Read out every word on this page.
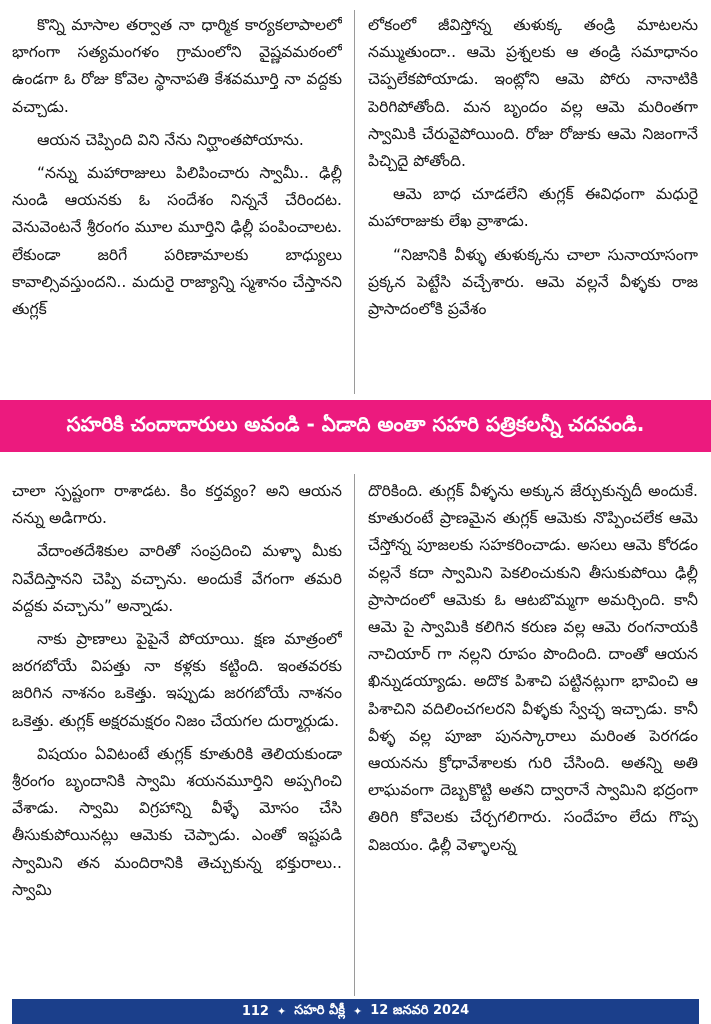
కొన్ని మాసాల తర్వాత నా ధార్మిక కార్యకలాపాలలో భాగంగా సత్యమంగళం గ్రామంలోని వైష్ణవమఠంలో ఉండగా ఓ రోజు కోవెల స్థానాపతి కేశవమూర్తి నా వద్దకు వచ్చాడు.

ఆయన చెప్పింది విని నేను నిర్ఘాంతపోయాను.

“నన్ను మహారాజులు పిలిపించారు స్వామీ.. ఢిల్లీ నుండి ఆయనకు ఓ సందేశం నిన్ననే చేరిందట. వెనువెంటనే శ్రీరంగం మూల మూర్తిని ఢిల్లీ పంపించాలట. లేకుండా జరిగే పరిణామాలకు బాధ్యులు కావాల్సివస్తుందని.. మదురై రాజ్యాన్ని స్మశానం చేస్తానని తుగ్లక్

లోకంలో జీవిస్తోన్న తుళుక్క తండ్రి మాటలను నమ్ముతుందా.. ఆమె ప్రశ్నలకు ఆ తండ్రి సమాధానం చెప్పలేకపోయాడు. ఇంట్లోని ఆమె పోరు నానాటికి పెరిగిపోతోంది. మన బృందం వల్ల ఆమె మరింతగా స్వామికి చేరువైపోయింది. రోజు రోజుకు ఆమె నిజంగానే పిచ్చిదై పోతోంది.

ఆమె బాధ చూడలేని తుగ్లక్ ఈవిధంగా మధురై మహారాజుకు లేఖ వ్రాశాడు.

“నిజానికి వీళ్ళు తుళుక్కను చాలా సునాయాసంగా ప్రక్కన పెట్టేసి వచ్చేశారు. ఆమె వల్లనే వీళ్ళకు రాజ ప్రాసాదంలోకి ప్రవేశం

సహరికి చందాదారులు అవండి - ఏడాది అంతా సహరి పత్రికలన్నీ చదవండి.

చాలా స్పష్టంగా రాశాడట. కిం కర్తవ్యం? అని ఆయన నన్ను అడిగారు.

వేదాంతదేశికుల వారితో సంప్రదించి మళ్ళా మీకు నివేదిస్తానని చెప్పి వచ్చాను. అందుకే వేగంగా తమరి వద్దకు వచ్చాను” అన్నాడు.

నాకు ప్రాణాలు పైపైనే పోయాయి. క్షణ మాత్రంలో జరగబోయే విపత్తు నా కళ్లకు కట్టింది. ఇంతవరకు జరిగిన నాశనం ఒకెత్తు. ఇప్పుడు జరగబోయే నాశనం ఒకెత్తు. తుగ్లక్ అక్షరమక్షరం నిజం చేయగల దుర్మార్గుడు.

విషయం ఏవిటంటే తుగ్లక్ కూతురికి తెలియకుండా శ్రీరంగం బృందానికి స్వామి శయనమూర్తిని అప్పగించి వేశాడు. స్వామి విగ్రహాన్ని వీళ్ళే మోసం చేసి తీసుకుపోయినట్లు ఆమెకు చెప్పాడు. ఎంతో ఇష్టపడి స్వామిని తన మందిరానికి తెచ్చుకున్న భక్తురాలు.. స్వామి

దొరికింది. తుగ్లక్ వీళ్ళను అక్కున జేర్చుకున్నదీ అందుకే. కూతురంటే ప్రాణమైన తుగ్లక్ ఆమెకు నొప్పించలేక ఆమె చేస్తోన్న పూజలకు సహకరించాడు. అసలు ఆమె కోరడం వల్లనే కదా స్వామిని పెకలించుకుని తీసుకుపోయి ఢిల్లీ ప్రాసాదంలో ఆమెకు ఓ ఆటబొమ్మగా అమర్చింది. కానీ ఆమె పై స్వామికి కలిగిన కరుణ వల్ల ఆమె రంగనాయకి నాచియార్ గా నల్లని రూపం పొందింది. దాంతో ఆయన ఖిన్నుడయ్యాడు. అదొక పిశాచి పట్టినట్లుగా భావించి ఆ పిశాచిని వదిలించగలరని వీళ్ళకు స్వేచ్ఛ ఇచ్చాడు. కానీ వీళ్ళ వల్ల పూజా పునస్కారాలు మరింత పెరగడం ఆయనను క్రోధావేశాలకు గురి చేసింది. అతన్ని అతి లాఘవంగా దెబ్బకొట్టి అతని ద్వారానే స్వామిని భద్రంగా తిరిగి కోవెలకు చేర్చగలిగారు. సందేహం లేదు గొప్ప విజయం. ఢిల్లీ వెళ్ళాలన్న

112 ✦ సహరి వీక్లీ ✦ 12 జనవరి 2024
